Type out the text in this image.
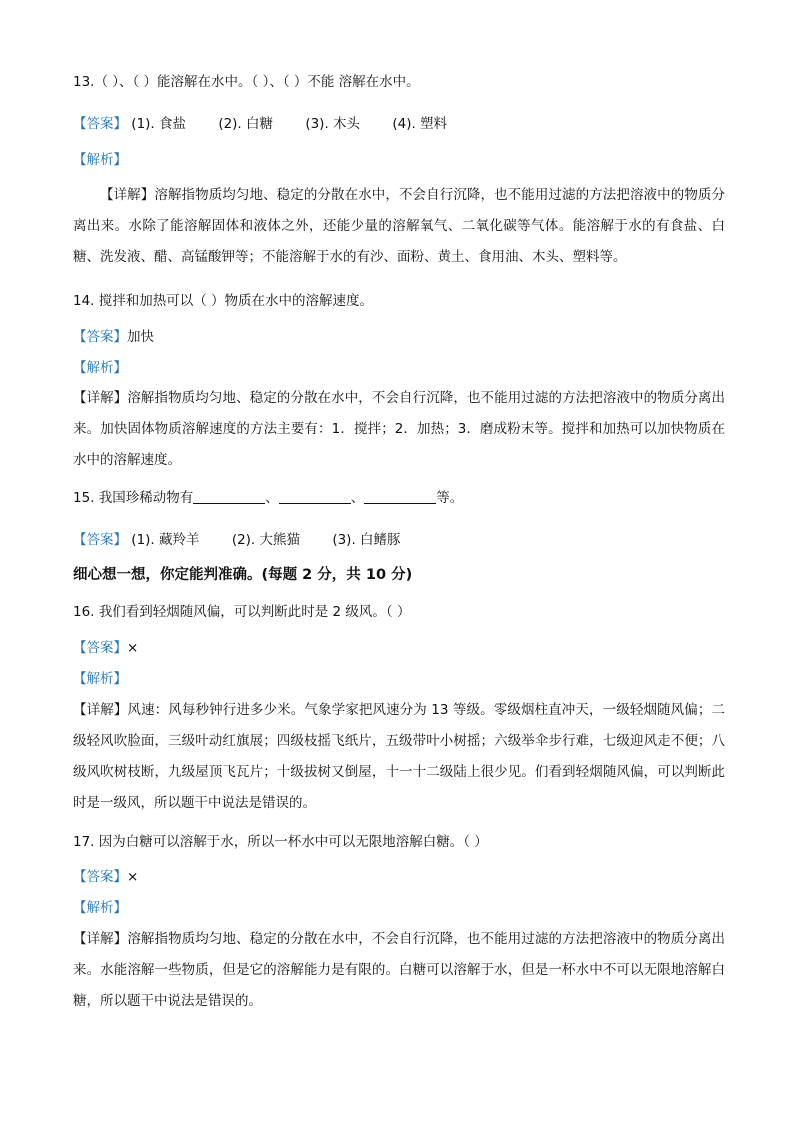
13.（ ）、（ ）能溶解在水中。（ ）、（ ）不能 溶解在水中。
【答案】 (1). 食盐 (2). 白糖 (3). 木头 (4). 塑料
【解析】
【详解】溶解指物质均匀地、稳定的分散在水中，不会自行沉降，也不能用过滤的方法把溶液中的物质分离出来。水除了能溶解固体和液体之外，还能少量的溶解氧气、二氧化碳等气体。能溶解于水的有食盐、白糖、洗发液、醋、高锰酸钾等；不能溶解于水的有沙、面粉、黄土、食用油、木头、塑料等。
14. 搅拌和加热可以（ ）物质在水中的溶解速度。
【答案】加快
【解析】
【详解】溶解指物质均匀地、稳定的分散在水中，不会自行沉降，也不能用过滤的方法把溶液中的物质分离出来。加快固体物质溶解速度的方法主要有：1．搅拌；2．加热；3．磨成粉末等。搅拌和加热可以加快物质在水中的溶解速度。
15. 我国珍稀动物有	、	、	等。
【答案】 (1). 藏羚羊 (2). 大熊猫 (3). 白鳍豚
细心想一想，你定能判准确。(每题 2 分，共 10 分)
16. 我们看到轻烟随风偏，可以判断此时是 2 级风。（ ）
【答案】×
【解析】
【详解】风速：风每秒钟行进多少米。气象学家把风速分为 13 等级。零级烟柱直冲天，一级轻烟随风偏；二级轻风吹脸面，三级叶动红旗展；四级枝摇飞纸片，五级带叶小树摇；六级举伞步行难，七级迎风走不便；八级风吹树枝断，九级屋顶飞瓦片；十级拔树又倒屋，十一十二级陆上很少见。们看到轻烟随风偏，可以判断此时是一级风，所以题干中说法是错误的。
17. 因为白糖可以溶解于水，所以一杯水中可以无限地溶解白糖。（ ）
【答案】×
【解析】
【详解】溶解指物质均匀地、稳定的分散在水中，不会自行沉降，也不能用过滤的方法把溶液中的物质分离出来。水能溶解一些物质，但是它的溶解能力是有限的。白糖可以溶解于水，但是一杯水中不可以无限地溶解白糖，所以题干中说法是错误的。
